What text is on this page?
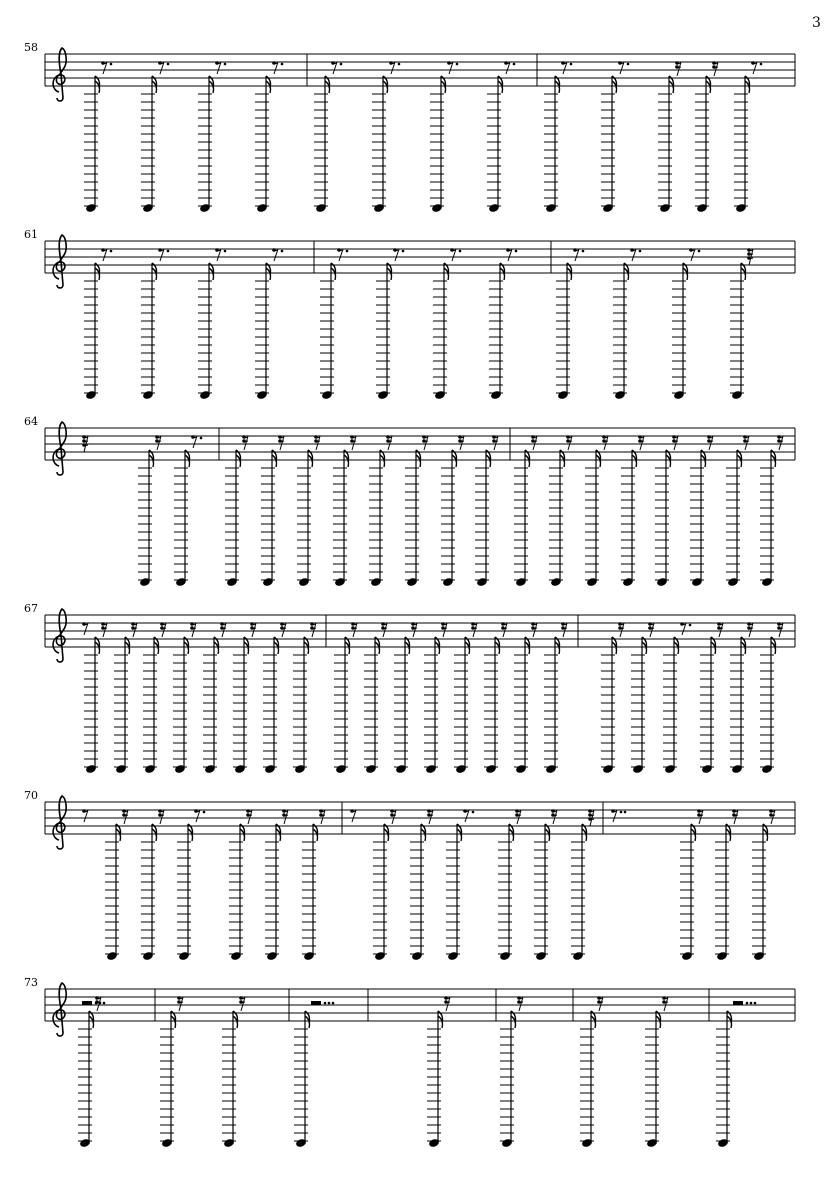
3
58
61
64
67
70
73
